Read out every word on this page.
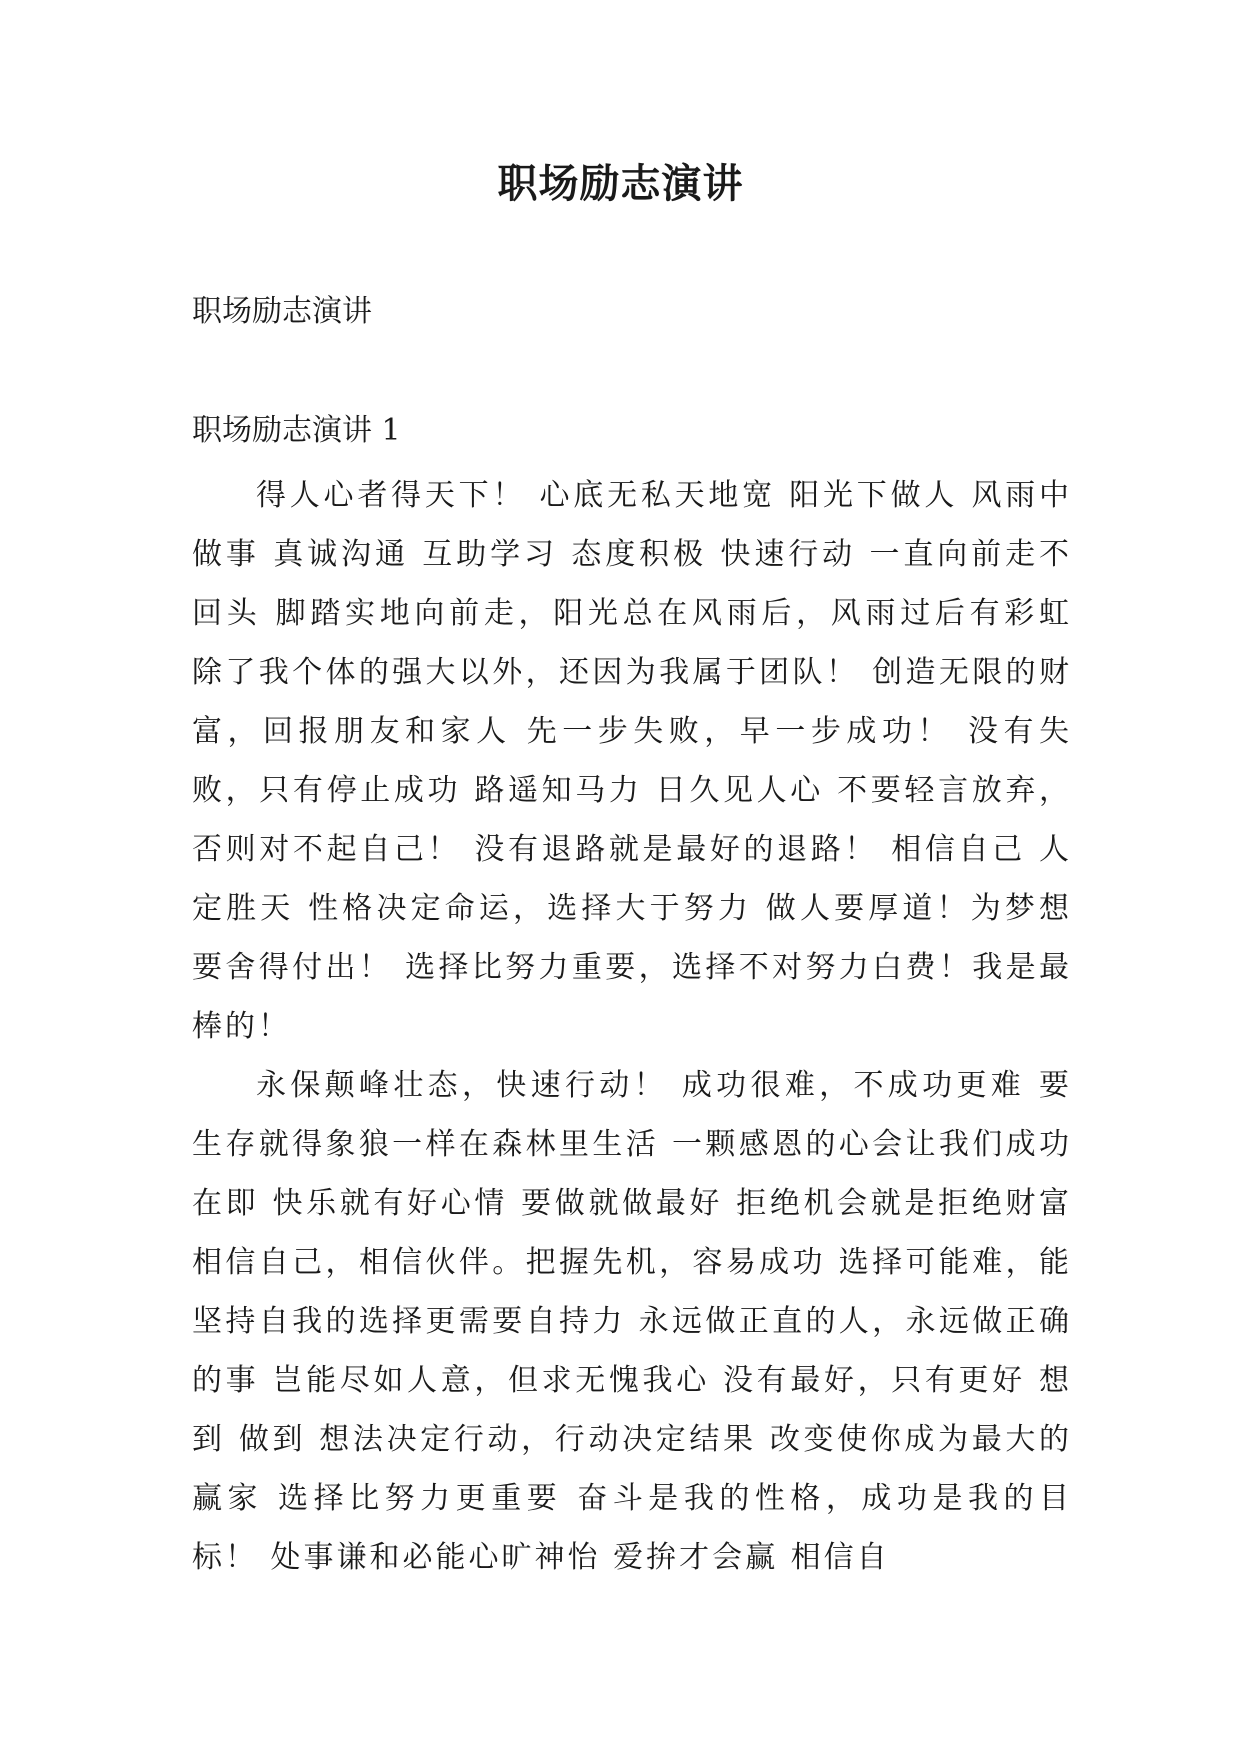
职场励志演讲
职场励志演讲
职场励志演讲 1

得人心者得天下！ 心底无私天地宽 阳光下做人 风雨中做事 真诚沟通 互助学习 态度积极 快速行动 一直向前走不回头 脚踏实地向前走，阳光总在风雨后，风雨过后有彩虹 除了我个体的强大以外，还因为我属于团队！ 创造无限的财富，回报朋友和家人 先一步失败，早一步成功！ 没有失败，只有停止成功 路遥知马力 日久见人心 不要轻言放弃，否则对不起自己！ 没有退路就是最好的退路！ 相信自己 人定胜天 性格决定命运，选择大于努力 做人要厚道！为梦想要舍得付出！ 选择比努力重要，选择不对努力白费！我是最棒的！

永保颠峰壮态，快速行动！ 成功很难，不成功更难 要生存就得象狼一样在森林里生活 一颗感恩的心会让我们成功在即 快乐就有好心情 要做就做最好 拒绝机会就是拒绝财富 相信自己，相信伙伴。把握先机，容易成功 选择可能难，能坚持自我的选择更需要自持力 永远做正直的人，永远做正确的事 岂能尽如人意，但求无愧我心 没有最好，只有更好 想到 做到 想法决定行动，行动决定结果 改变使你成为最大的赢家 选择比努力更重要 奋斗是我的性格，成功是我的目标！ 处事谦和必能心旷神怡 爱拚才会赢 相信自
